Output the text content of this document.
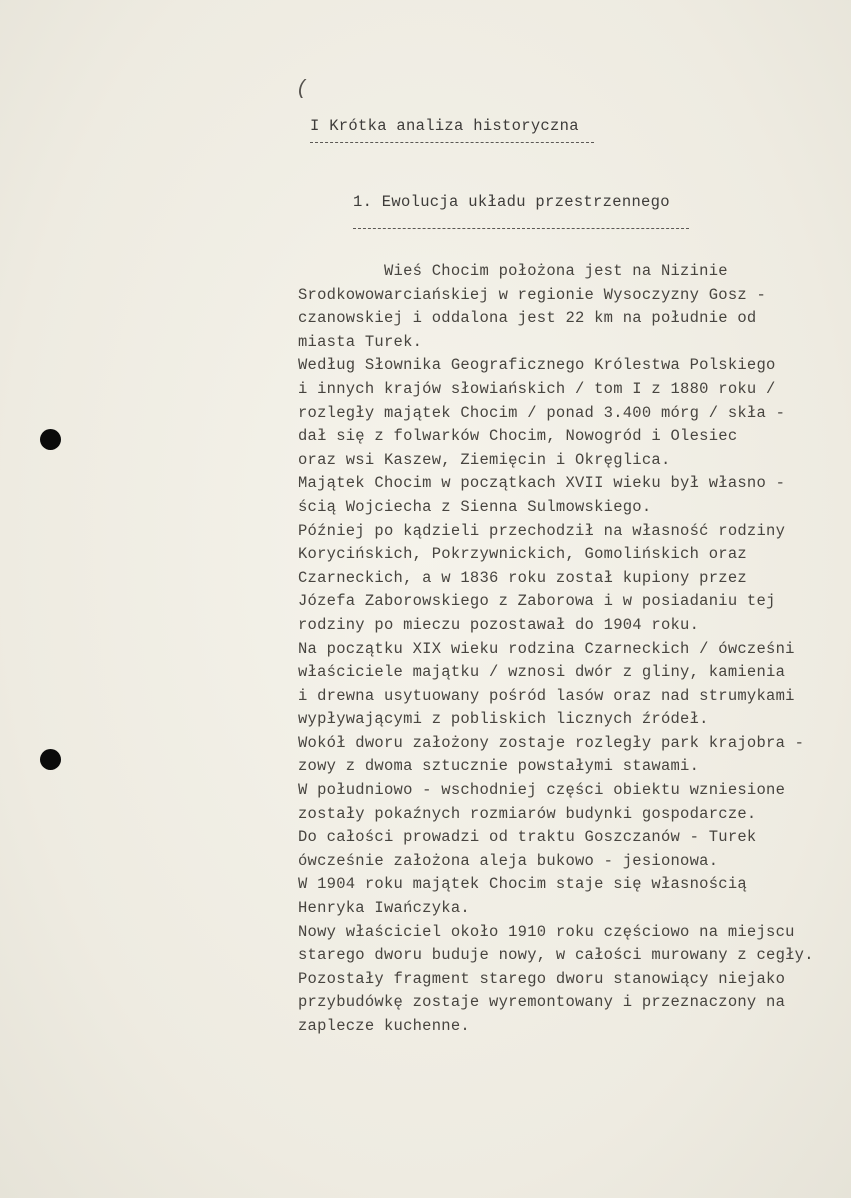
(
I Krótka analiza historyczna
1. Ewolucja układu przestrzennego
Wieś Chocim położona jest na Nizinie
Srodkowowarciańskiej w regionie Wysoczyzny Gosz -
czanowskiej i oddalona jest 22 km na południe od
miasta Turek.
Według Słownika Geograficznego Królestwa Polskiego
i innych krajów słowiańskich / tom I z 1880 roku /
rozległy majątek Chocim / ponad 3.400 mórg / skła -
dał się z folwarków Chocim, Nowogród i Olesiec
oraz wsi Kaszew, Ziemięcin i Okręglica.
Majątek Chocim w początkach XVII wieku był własno -
ścią Wojciecha z Sienna Sulmowskiego.
Później po kądzieli przechodził na własność rodziny
Korycińskich, Pokrzywnickich, Gomolińskich oraz
Czarneckich, a w 1836 roku został kupiony przez
Józefa Zaborowskiego z Zaborowa i w posiadaniu tej
rodziny po mieczu pozostawał do 1904 roku.
Na początku XIX wieku rodzina Czarneckich / ówcześni
właściciele majątku / wznosi dwór z gliny, kamienia
i drewna usytuowany pośród lasów oraz nad strumykami
wypływającymi z pobliskich licznych źródeł.
Wokół dworu założony zostaje rozległy park krajobra -
zowy z dwoma sztucznie powstałymi stawami.
W południowo - wschodniej części obiektu wzniesione
zostały pokaźnych rozmiarów budynki gospodarcze.
Do całości prowadzi od traktu Goszczanów - Turek
ówcześnie założona aleja bukowo - jesionowa.
W 1904 roku majątek Chocim staje się własnością
Henryka Iwańczyka.
Nowy właściciel około 1910 roku częściowo na miejscu
starego dworu buduje nowy, w całości murowany z cegły.
Pozostały fragment starego dworu stanowiący niejako
przybudówkę zostaje wyremontowany i przeznaczony na
zaplecze kuchenne.
